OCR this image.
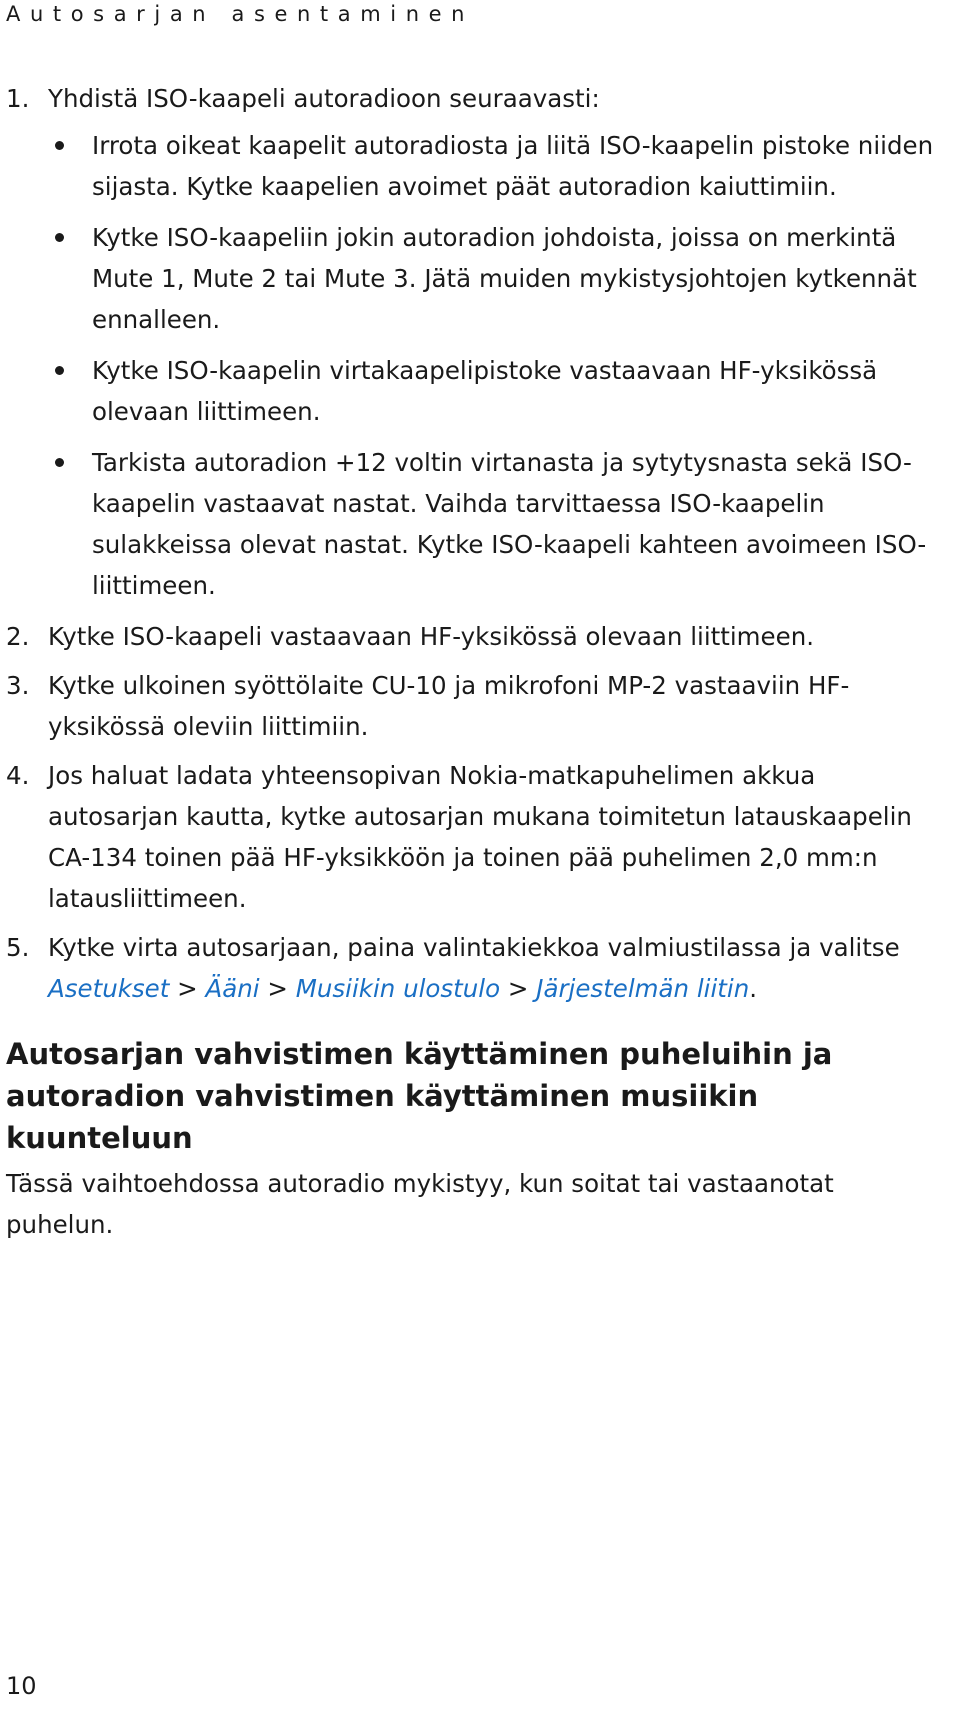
Autosarjan asentaminen
1. Yhdistä ISO-kaapeli autoradioon seuraavasti:
Irrota oikeat kaapelit autoradiosta ja liitä ISO-kaapelin pistoke niiden sijasta. Kytke kaapelien avoimet päät autoradion kaiuttimiin.
Kytke ISO-kaapeliin jokin autoradion johdoista, joissa on merkintä Mute 1, Mute 2 tai Mute 3. Jätä muiden mykistysjohtojen kytkennät ennalleen.
Kytke ISO-kaapelin virtakaapelipistoke vastaavaan HF-yksikössä olevaan liittimeen.
Tarkista autoradion +12 voltin virtanasta ja sytytysnasta sekä ISO-kaapelin vastaavat nastat. Vaihda tarvittaessa ISO-kaapelin sulakkeissa olevat nastat. Kytke ISO-kaapeli kahteen avoimeen ISO-liittimeen.
2. Kytke ISO-kaapeli vastaavaan HF-yksikössä olevaan liittimeen.
3. Kytke ulkoinen syöttölaite CU-10 ja mikrofoni MP-2 vastaaviin HF-yksikössä oleviin liittimiin.
4. Jos haluat ladata yhteensopivan Nokia-matkapuhelimen akkua autosarjan kautta, kytke autosarjan mukana toimitetun latauskaapelin CA-134 toinen pää HF-yksikköön ja toinen pää puhelimen 2,0 mm:n latausliittimeen.
5. Kytke virta autosarjaan, paina valintakiekkoa valmiustilassa ja valitse Asetukset > Ääni > Musiikin ulostulo > Järjestelmän liitin.
Autosarjan vahvistimen käyttäminen puheluihin ja autoradion vahvistimen käyttäminen musiikin kuunteluun
Tässä vaihtoehdossa autoradio mykistyy, kun soitat tai vastaanotat puhelun.
10
